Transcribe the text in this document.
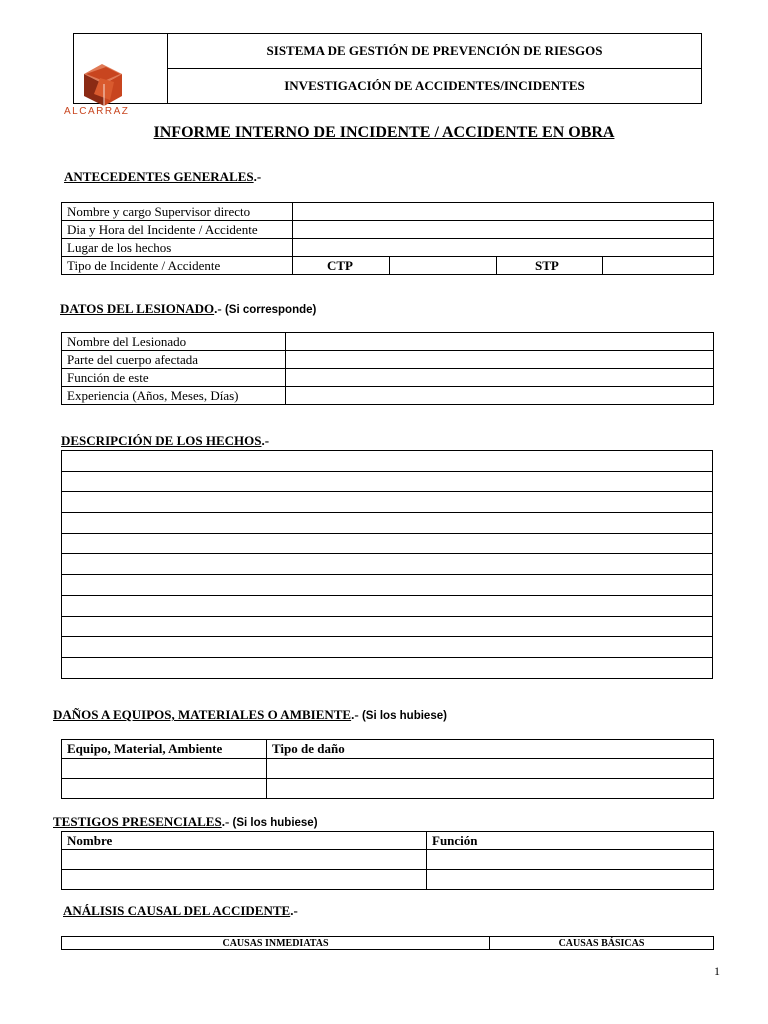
ALCARRAZ
	SISTEMA DE GESTIÓN DE PREVENCIÓN DE RIESGOS
INVESTIGACIÓN DE ACCIDENTES/INCIDENTES
INFORME INTERNO DE INCIDENTE / ACCIDENTE EN OBRA
ANTECEDENTES GENERALES.-
Nombre y cargo Supervisor directo				
Dia y Hora del Incidente / Accidente				
Lugar de los hechos				
Tipo de Incidente / Accidente	CTP		STP	
DATOS DEL LESIONADO.- (Si corresponde)
Nombre del Lesionado	
Parte del cuerpo afectada	
Función de este	
Experiencia (Años, Meses, Días)	
DESCRIPCIÓN DE LOS HECHOS.-

DAÑOS A EQUIPOS, MATERIALES O AMBIENTE.- (Si los hubiese)
Equipo, Material, Ambiente	Tipo de daño

TESTIGOS PRESENCIALES.- (Si los hubiese)
Nombre	Función

ANÁLISIS CAUSAL DEL ACCIDENTE.-
CAUSAS INMEDIATAS	CAUSAS BÁSICAS
1
